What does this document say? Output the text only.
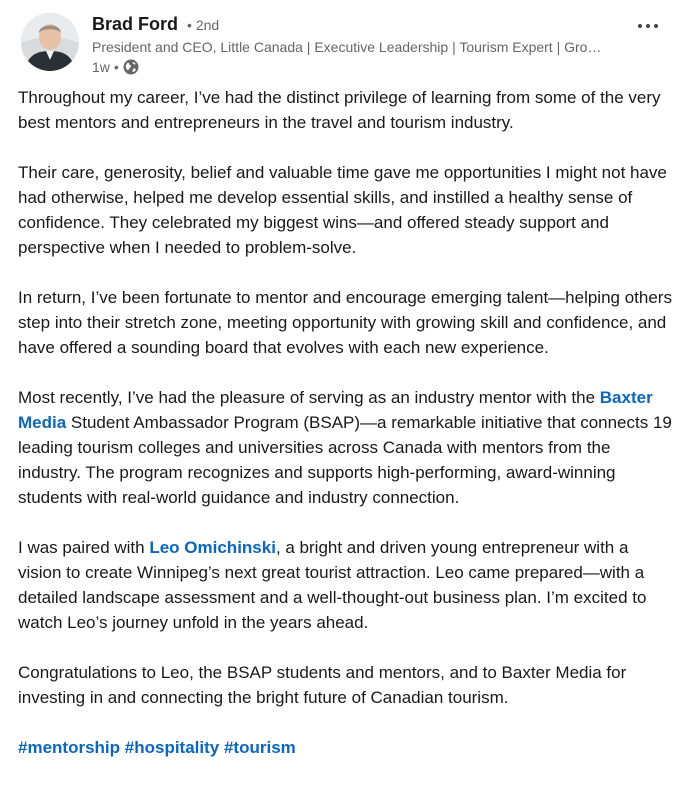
Brad Ford • 2nd
President and CEO, Little Canada | Executive Leadership | Tourism Expert | Gro…
1w •

Throughout my career, I’ve had the distinct privilege of learning from some of the very best mentors and entrepreneurs in the travel and tourism industry.

Their care, generosity, belief and valuable time gave me opportunities I might not have had otherwise, helped me develop essential skills, and instilled a healthy sense of confidence. They celebrated my biggest wins—and offered steady support and perspective when I needed to problem-solve.

In return, I’ve been fortunate to mentor and encourage emerging talent—helping others step into their stretch zone, meeting opportunity with growing skill and confidence, and have offered a sounding board that evolves with each new experience.

Most recently, I’ve had the pleasure of serving as an industry mentor with the Baxter Media Student Ambassador Program (BSAP)—a remarkable initiative that connects 19 leading tourism colleges and universities across Canada with mentors from the industry. The program recognizes and supports high-performing, award-winning students with real-world guidance and industry connection.

I was paired with Leo Omichinski, a bright and driven young entrepreneur with a vision to create Winnipeg’s next great tourist attraction. Leo came prepared—with a detailed landscape assessment and a well-thought-out business plan. I’m excited to watch Leo’s journey unfold in the years ahead.

Congratulations to Leo, the BSAP students and mentors, and to Baxter Media for investing in and connecting the bright future of Canadian tourism.

#mentorship #hospitality #tourism
